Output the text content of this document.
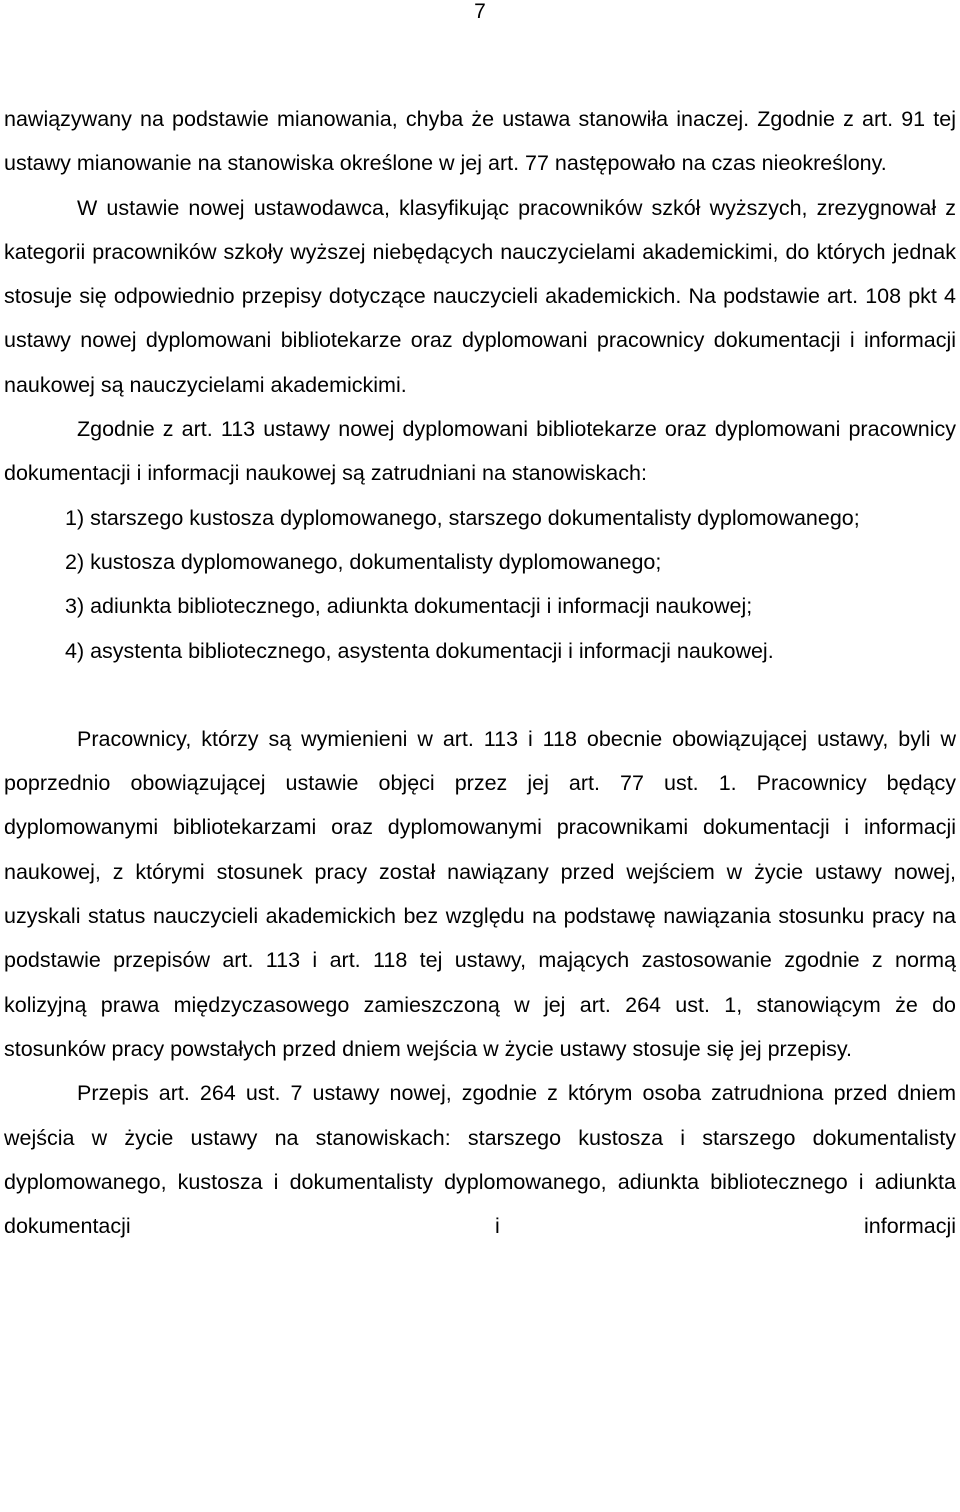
7

nawiązywany na podstawie mianowania, chyba że ustawa stanowiła inaczej. Zgodnie z art. 91 tej ustawy mianowanie na stanowiska określone w jej art. 77 następowało na czas nieokreślony.

W ustawie nowej ustawodawca, klasyfikując pracowników szkół wyższych, zrezygnował z kategorii pracowników szkoły wyższej niebędących nauczycielami akademickimi, do których jednak stosuje się odpowiednio przepisy dotyczące nauczycieli akademickich. Na podstawie art. 108 pkt 4 ustawy nowej dyplomowani bibliotekarze oraz dyplomowani pracownicy dokumentacji i informacji naukowej są nauczycielami akademickimi.

Zgodnie z art. 113 ustawy nowej dyplomowani bibliotekarze oraz dyplomowani pracownicy dokumentacji i informacji naukowej są zatrudniani na stanowiskach:

1) starszego kustosza dyplomowanego, starszego dokumentalisty dyplomowanego;

2) kustosza dyplomowanego, dokumentalisty dyplomowanego;

3) adiunkta bibliotecznego, adiunkta dokumentacji i informacji naukowej;

4) asystenta bibliotecznego, asystenta dokumentacji i informacji naukowej.

Pracownicy, którzy są wymienieni w art. 113 i 118 obecnie obowiązującej ustawy, byli w poprzednio obowiązującej ustawie objęci przez jej art. 77 ust. 1. Pracownicy będący dyplomowanymi bibliotekarzami oraz dyplomowanymi pracownikami dokumentacji i informacji naukowej, z którymi stosunek pracy został nawiązany przed wejściem w życie ustawy nowej, uzyskali status nauczycieli akademickich bez względu na podstawę nawiązania stosunku pracy na podstawie przepisów art. 113 i art. 118 tej ustawy, mających zastosowanie zgodnie z normą kolizyjną prawa międzyczasowego zamieszczoną w jej art. 264 ust. 1, stanowiącym że do stosunków pracy powstałych przed dniem wejścia w życie ustawy stosuje się jej przepisy.

Przepis art. 264 ust. 7 ustawy nowej, zgodnie z którym osoba zatrudniona przed dniem wejścia w życie ustawy na stanowiskach: starszego kustosza i starszego dokumentalisty dyplomowanego, kustosza i dokumentalisty dyplomowanego, adiunkta bibliotecznego i adiunkta dokumentacji i informacji
